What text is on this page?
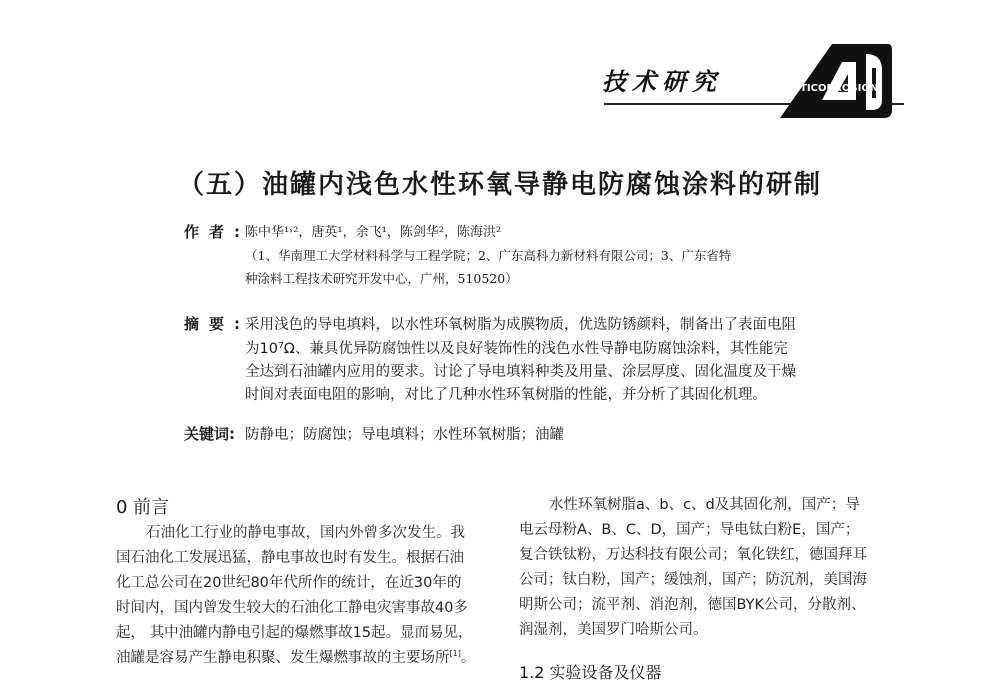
技术研究	ANTICORROSION
（五）油罐内浅色水性环氧导静电防腐蚀涂料的研制
作者:
陈中华¹˒²，唐英¹，余飞¹，陈剑华²，陈海洪²
（1、华南理工大学材料科学与工程学院；2、广东高科力新材料有限公司；3、广东省特
种涂料工程技术研究开发中心，广州，510520）
摘要:
采用浅色的导电填料，以水性环氧树脂为成膜物质，优选防锈颜料，制备出了表面电阻
为10⁷Ω、兼具优异防腐蚀性以及良好装饰性的浅色水性导静电防腐蚀涂料，其性能完
全达到石油罐内应用的要求。讨论了导电填料种类及用量、涂层厚度、固化温度及干燥
时间对表面电阻的影响，对比了几种水性环氧树脂的性能，并分析了其固化机理。
关键词: 防静电；防腐蚀；导电填料；水性环氧树脂；油罐
0 前言
石油化工行业的静电事故，国内外曾多次发生。我
国石油化工发展迅猛，静电事故也时有发生。根据石油
化工总公司在20世纪80年代所作的统计，在近30年的
时间内，国内曾发生较大的石油化工静电灾害事故40多
起， 其中油罐内静电引起的爆燃事故15起。显而易见，
油罐是容易产生静电积聚、发生爆燃事故的主要场所[1]。
水性环氧树脂a、b、c、d及其固化剂，国产；导
电云母粉A、B、C、D，国产；导电钛白粉E，国产；
复合铁钛粉，万达科技有限公司；氧化铁红，德国拜耳
公司；钛白粉，国产；缓蚀剂，国产；防沉剂，美国海
明斯公司；流平剂、消泡剂，德国BYK公司，分散剂、
润湿剂，美国罗门哈斯公司。
1.2 实验设备及仪器
